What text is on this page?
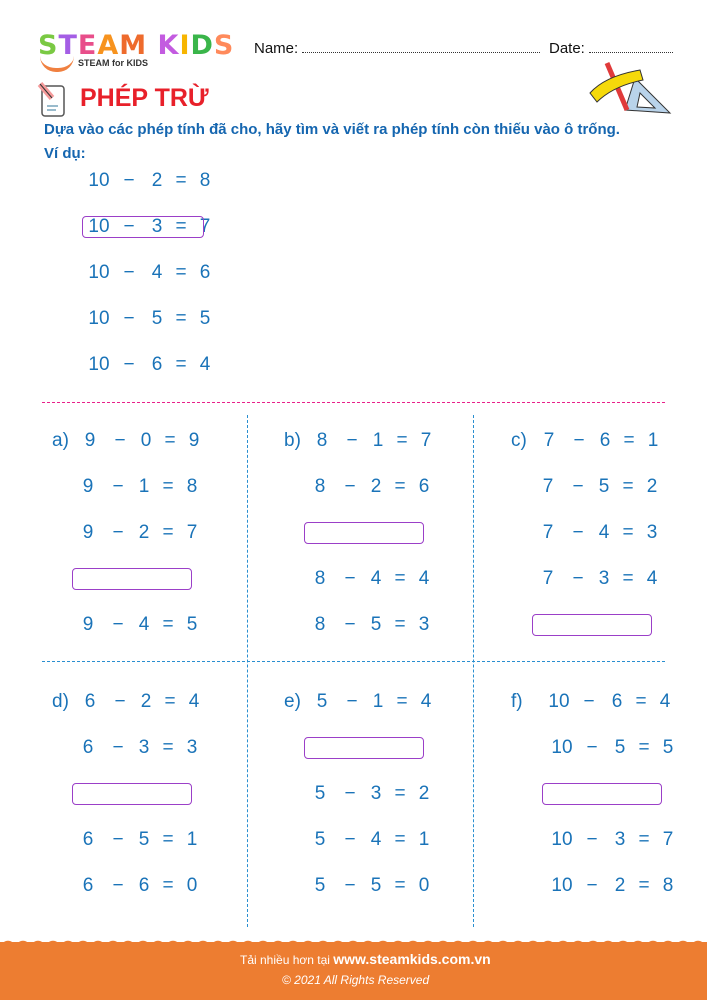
STEAM KIDS
STEAM for KIDS
Name:	Date:
PHÉP TRỪ
Dựa vào các phép tính đã cho, hãy tìm và viết ra phép tính còn thiếu vào ô trống.
Ví dụ:
10 − 2 = 8
10 − 3 = 7
10 − 4 = 6
10 − 5 = 5
10 − 6 = 4
a) 9 − 0 = 9
9 − 1 = 8
9 − 2 = 7
9 − 4 = 5
b) 8 − 1 = 7
8 − 2 = 6
8 − 4 = 4
8 − 5 = 3
c) 7 − 6 = 1
7 − 5 = 2
7 − 4 = 3
7 − 3 = 4
d) 6 − 2 = 4
6 − 3 = 3
6 − 5 = 1
6 − 6 = 0
e) 5 − 1 = 4
5 − 3 = 2
5 − 4 = 1
5 − 5 = 0
f) 10 − 6 = 4
10 − 5 = 5
10 − 3 = 7
10 − 2 = 8
Tải nhiều hơn tại www.steamkids.com.vn
© 2021 All Rights Reserved
